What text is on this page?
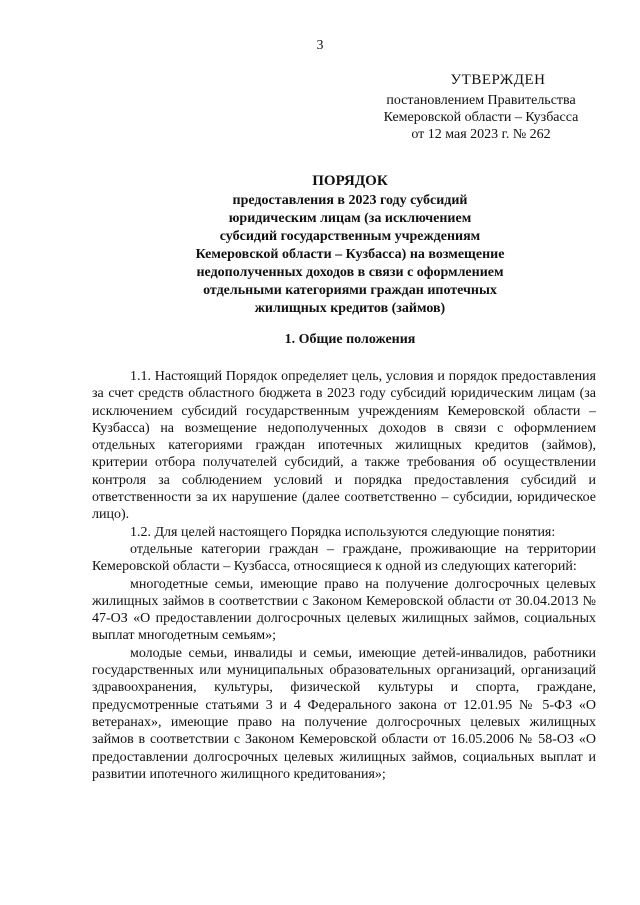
3
УТВЕРЖДЕН
постановлением Правительства
Кемеровской области – Кузбасса
от 12 мая 2023 г. № 262
ПОРЯДОК
предоставления в 2023 году субсидий
юридическим лицам (за исключением
субсидий государственным учреждениям
Кемеровской области – Кузбасса) на возмещение
недополученных доходов в связи с оформлением
отдельными категориями граждан ипотечных
жилищных кредитов (займов)
1. Общие положения

1.1. Настоящий Порядок определяет цель, условия и порядок предоставления за счет средств областного бюджета в 2023 году субсидий юридическим лицам (за исключением субсидий государственным учреждениям Кемеровской области – Кузбасса) на возмещение недополученных доходов в связи с оформлением отдельных категориями граждан ипотечных жилищных кредитов (займов), критерии отбора получателей субсидий, а также требования об осуществлении контроля за соблюдением условий и порядка предоставления субсидий и ответственности за их нарушение (далее соответственно – субсидии, юридическое лицо).

1.2. Для целей настоящего Порядка используются следующие понятия:

отдельные категории граждан – граждане, проживающие на территории Кемеровской области – Кузбасса, относящиеся к одной из следующих категорий:

многодетные семьи, имеющие право на получение долгосрочных целевых жилищных займов в соответствии с Законом Кемеровской области от 30.04.2013 № 47-ОЗ «О предоставлении долгосрочных целевых жилищных займов, социальных выплат многодетным семьям»;

молодые семьи, инвалиды и семьи, имеющие детей-инвалидов, работники государственных или муниципальных образовательных организаций, организаций здравоохранения, культуры, физической культуры и спорта, граждане, предусмотренные статьями 3 и 4 Федерального закона от 12.01.95 № 5-ФЗ «О ветеранах», имеющие право на получение долгосрочных целевых жилищных займов в соответствии с Законом Кемеровской области от 16.05.2006 № 58-ОЗ «О предоставлении долгосрочных целевых жилищных займов, социальных выплат и развитии ипотечного жилищного кредитования»;
